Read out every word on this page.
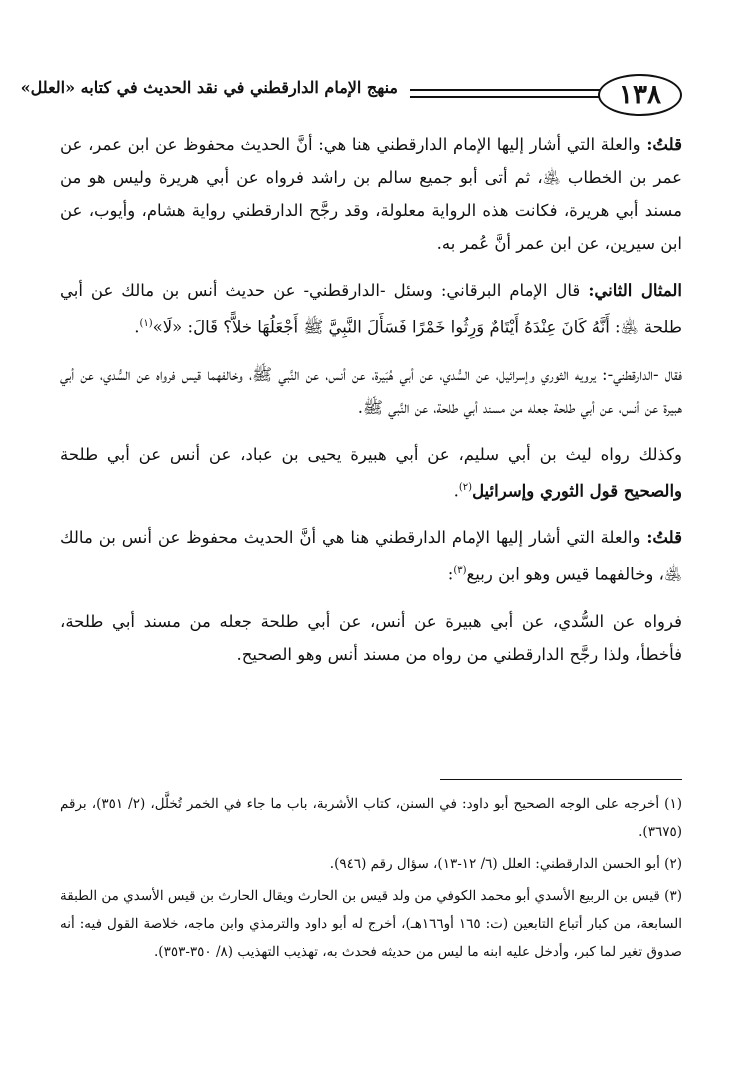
١٣٨
منهج الإمام الدارقطني في نقد الحديث في كتابه «العلل»

قلتُ: والعلة التي أشار إليها الإمام الدارقطني هنا هي: أنَّ الحديث محفوظ عن ابن عمر، عن عمر بن الخطاب ﵁، ثم أتى أبو جميع سالم بن راشد فرواه عن أبي هريرة وليس هو من مسند أبي هريرة، فكانت هذه الرواية معلولة، وقد رجَّح الدارقطني رواية هشام، وأيوب، عن ابن سيرين، عن ابن عمر أنَّ عُمر به.

المثال الثاني: قال الإمام البرقاني: وسئل -الدارقطني- عن حديث أنس بن مالك عن أبي طلحة ﵁: أَنَّهُ كَانَ عِنْدَهُ أَيْتَامٌ وَرِثُوا خَمْرًا فَسَأَلَ النَّبِيَّ ﷺ أَجْعَلُهَا خلاًّ؟ قَالَ: «لَا»$^{(١)}$.

فقال -الدارقطني-: يرويه الثوري وإسرائيل، عن السُّدي، عن أبي هُبَيرة، عن أنس، عن النَّبي ﷺ، وخالفهما قيس فرواه عن السُّدي، عن أبي هبيرة عن أنس، عن أبي طلحة جعله من مسند أبي طلحة، عن النَّبي ﷺ.

وكذلك رواه ليث بن أبي سليم، عن أبي هبيرة يحيى بن عباد، عن أنس عن أبي طلحة والصحيح قول الثوري وإسرائيل$^{(٢)}$.

قلتُ: والعلة التي أشار إليها الإمام الدارقطني هنا هي أنَّ الحديث محفوظ عن أنس بن مالك ﵁، وخالفهما قيس وهو ابن ربيع$^{(٣)}$:

فرواه عن السُّدي، عن أبي هبيرة عن أنس، عن أبي طلحة جعله من مسند أبي طلحة، فأخطأ، ولذا رجَّح الدارقطني من رواه من مسند أنس وهو الصحيح.

(١) أخرجه على الوجه الصحيح أبو داود: في السنن، كتاب الأشربة، باب ما جاء في الخمر تُخلَّل، (٢/ ٣٥١)، برقم (٣٦٧٥).

(٢) أبو الحسن الدارقطني: العلل (٦/ ١٢-١٣)، سؤال رقم (٩٤٦).

(٣) قيس بن الربيع الأسدي أبو محمد الكوفي من ولد قيس بن الحارث ويقال الحارث بن قيس الأسدي من الطبقة السابعة، من كبار أتباع التابعين (ت: ١٦٥ أو١٦٦هـ)، أخرج له أبو داود والترمذي وابن ماجه، خلاصة القول فيه: أنه صدوق تغير لما كبر، وأدخل عليه ابنه ما ليس من حديثه فحدث به، تهذيب التهذيب (٨/ ٣٥٠-٣٥٣).
